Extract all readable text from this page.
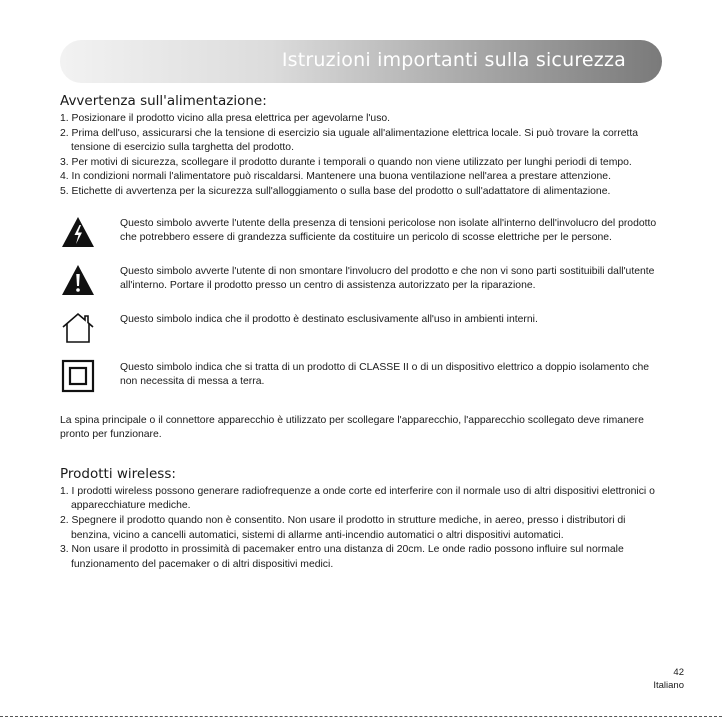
Istruzioni importanti sulla sicurezza
Avvertenza sull'alimentazione:
1. Posizionare il prodotto vicino alla presa elettrica per agevolarne l'uso.
2. Prima dell'uso, assicurarsi che la tensione di esercizio sia uguale all'alimentazione elettrica locale. Si può trovare la corretta tensione di esercizio sulla targhetta del prodotto.
3. Per motivi di sicurezza, scollegare il prodotto durante i temporali o quando non viene utilizzato per lunghi periodi di tempo.
4. In condizioni normali l'alimentatore può riscaldarsi. Mantenere una buona ventilazione nell'area a prestare attenzione.
5. Etichette di avvertenza per la sicurezza sull'alloggiamento o sulla base del prodotto o sull'adattatore di alimentazione.

Questo simbolo avverte l'utente della presenza di tensioni pericolose non isolate all'interno dell'involucro del prodotto che potrebbero essere di grandezza sufficiente da costituire un pericolo di scosse elettriche per le persone.

Questo simbolo avverte l'utente di non smontare l'involucro del prodotto e che non vi sono parti sostituibili dall'utente all'interno. Portare il prodotto presso un centro di assistenza autorizzato per la riparazione.

Questo simbolo indica che il prodotto è destinato esclusivamente all'uso in ambienti interni.

Questo simbolo indica che si tratta di un prodotto di CLASSE II o di un dispositivo elettrico a doppio isolamento che non necessita di messa a terra.

La spina principale o il connettore apparecchio è utilizzato per scollegare l'apparecchio, l'apparecchio scollegato deve rimanere pronto per funzionare.

Prodotti wireless:
1. I prodotti wireless possono generare radiofrequenze a onde corte ed interferire con il normale uso di altri dispositivi elettronici o apparecchiature mediche.
2. Spegnere il prodotto quando non è consentito. Non usare il prodotto in strutture mediche, in aereo, presso i distributori di benzina, vicino a cancelli automatici, sistemi di allarme anti-incendio automatici o altri dispositivi automatici.
3. Non usare il prodotto in prossimità di pacemaker entro una distanza di 20cm. Le onde radio possono influire sul normale funzionamento del pacemaker o di altri dispositivi medici.
42
Italiano
